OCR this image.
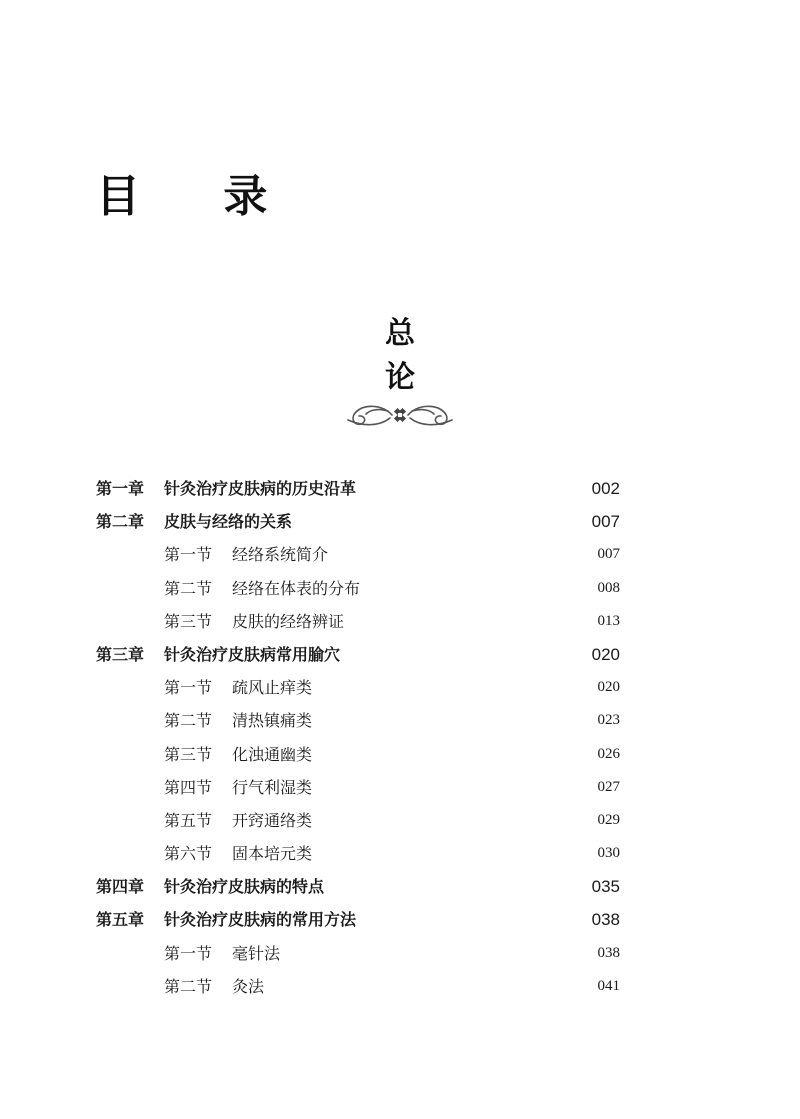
目 录
总 论
第一章 针灸治疗皮肤病的历史沿革	002
第二章 皮肤与经络的关系	007
第一节 经络系统简介	007
第二节 经络在体表的分布	008
第三节 皮肤的经络辨证	013
第三章 针灸治疗皮肤病常用腧穴	020
第一节 疏风止痒类	020
第二节 清热镇痛类	023
第三节 化浊通幽类	026
第四节 行气利湿类	027
第五节 开窍通络类	029
第六节 固本培元类	030
第四章 针灸治疗皮肤病的特点	035
第五章 针灸治疗皮肤病的常用方法	038
第一节 毫针法	038
第二节 灸法	041
